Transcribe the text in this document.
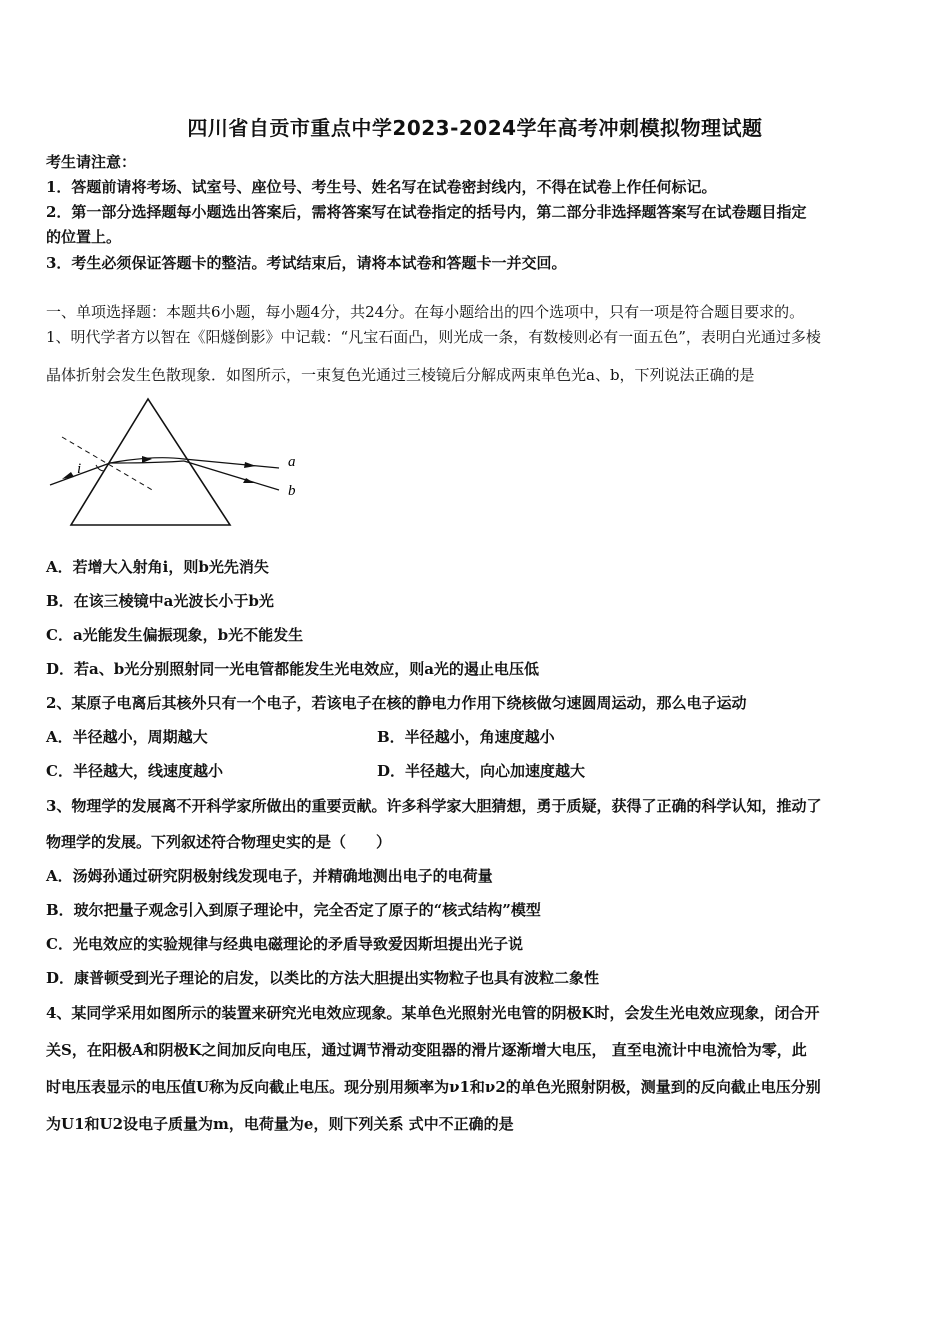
四川省自贡市重点中学2023-2024学年高考冲刺模拟物理试题
考生请注意：
1．答题前请将考场、试室号、座位号、考生号、姓名写在试卷密封线内，不得在试卷上作任何标记。
2．第一部分选择题每小题选出答案后，需将答案写在试卷指定的括号内，第二部分非选择题答案写在试卷题目指定
的位置上。
3．考生必须保证答题卡的整洁。考试结束后，请将本试卷和答题卡一并交回。
一、单项选择题：本题共6小题，每小题4分，共24分。在每小题给出的四个选项中，只有一项是符合题目要求的。
1、明代学者方以智在《阳燧倒影》中记载：“凡宝石面凸，则光成一条，有数棱则必有一面五色”，表明白光通过多棱
晶体折射会发生色散现象．如图所示，一束复色光通过三棱镜后分解成两束单色光a、b，下列说法正确的是
i	a
b
A．若增大入射角i，则b光先消失
B．在该三棱镜中a光波长小于b光
C．a光能发生偏振现象，b光不能发生
D．若a、b光分别照射同一光电管都能发生光电效应，则a光的遏止电压低
2、某原子电离后其核外只有一个电子，若该电子在核的静电力作用下绕核做匀速圆周运动，那么电子运动
A．半径越小，周期越大	B．半径越小，角速度越小
C．半径越大，线速度越小	D．半径越大，向心加速度越大
3、物理学的发展离不开科学家所做出的重要贡献。许多科学家大胆猜想，勇于质疑，获得了正确的科学认知，推动了
物理学的发展。下列叙述符合物理史实的是（　　）
A．汤姆孙通过研究阴极射线发现电子，并精确地测出电子的电荷量
B．玻尔把量子观念引入到原子理论中，完全否定了原子的“核式结构”模型
C．光电效应的实验规律与经典电磁理论的矛盾导致爱因斯坦提出光子说
D．康普顿受到光子理论的启发，以类比的方法大胆提出实物粒子也具有波粒二象性
4、某同学采用如图所示的装置来研究光电效应现象。某单色光照射光电管的阴极K时，会发生光电效应现象，闭合开
关S，在阳极A和阴极K之间加反向电压，通过调节滑动变阻器的滑片逐渐增大电压， 直至电流计中电流恰为零，此
时电压表显示的电压值U称为反向截止电压。现分别用频率为ν1和ν2的单色光照射阴极，测量到的反向截止电压分别
为U1和U2设电子质量为m，电荷量为e，则下列关系 式中不正确的是
